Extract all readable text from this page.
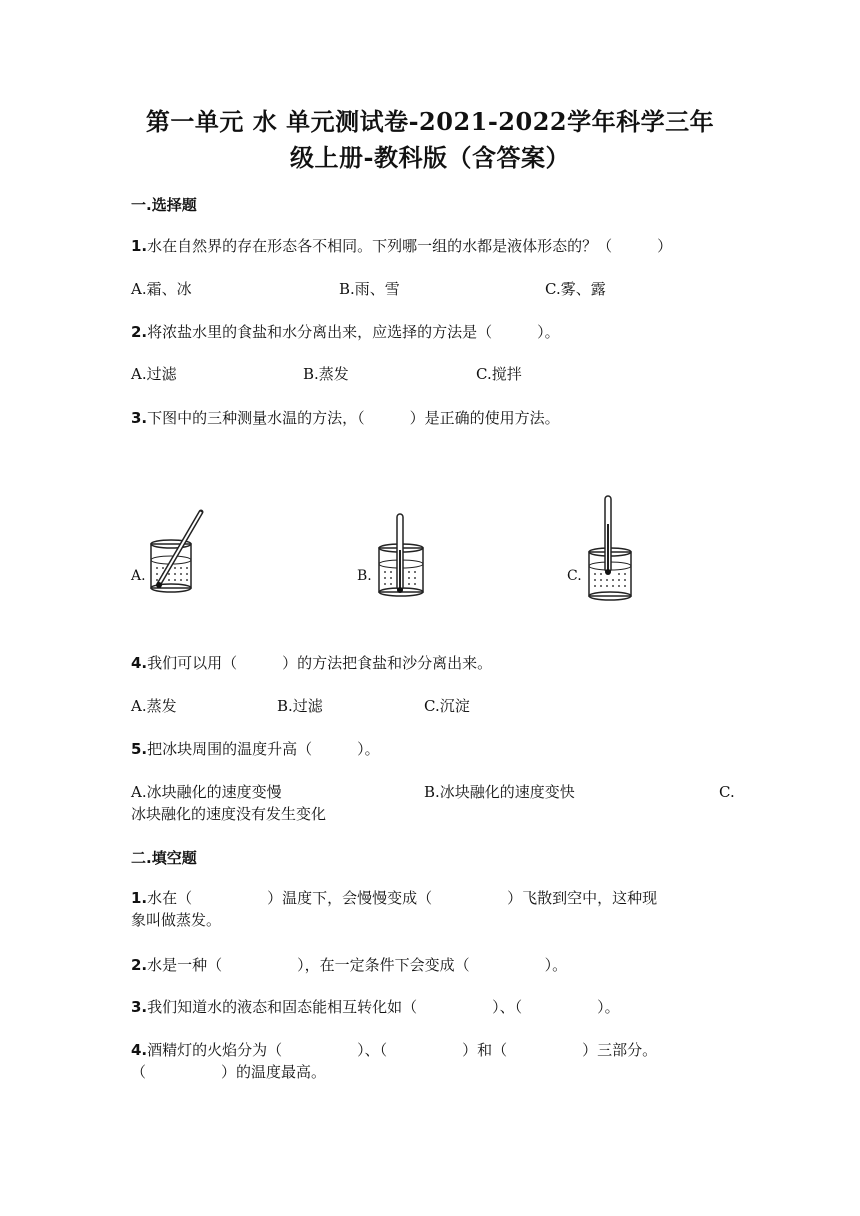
第一单元 水 单元测试卷-2021-2022学年科学三年
级上册-教科版（含答案）
一.选择题
1.水在自然界的存在形态各不相同。下列哪一组的水都是液体形态的？（　　　）
A.霜、冰	B.雨、雪	C.雾、露
2.将浓盐水里的食盐和水分离出来，应选择的方法是（　　　）。
A.过滤	B.蒸发	C.搅拌
3.下图中的三种测量水温的方法，（　　　）是正确的使用方法。
A.	B.	C.
4.我们可以用（　　　）的方法把食盐和沙分离出来。
A.蒸发	B.过滤	C.沉淀
5.把冰块周围的温度升高（　　　）。
A.冰块融化的速度变慢	B.冰块融化的速度变快	C.
冰块融化的速度没有发生变化
二.填空题
1.水在（　　　　　）温度下，会慢慢变成（　　　　　）飞散到空中，这种现
象叫做蒸发。
2.水是一种（　　　　　），在一定条件下会变成（　　　　　）。
3.我们知道水的液态和固态能相互转化如（　　　　　）、（　　　　　）。
4.酒精灯的火焰分为（　　　　　）、（　　　　　）和（　　　　　）三部分。
（　　　　　）的温度最高。
